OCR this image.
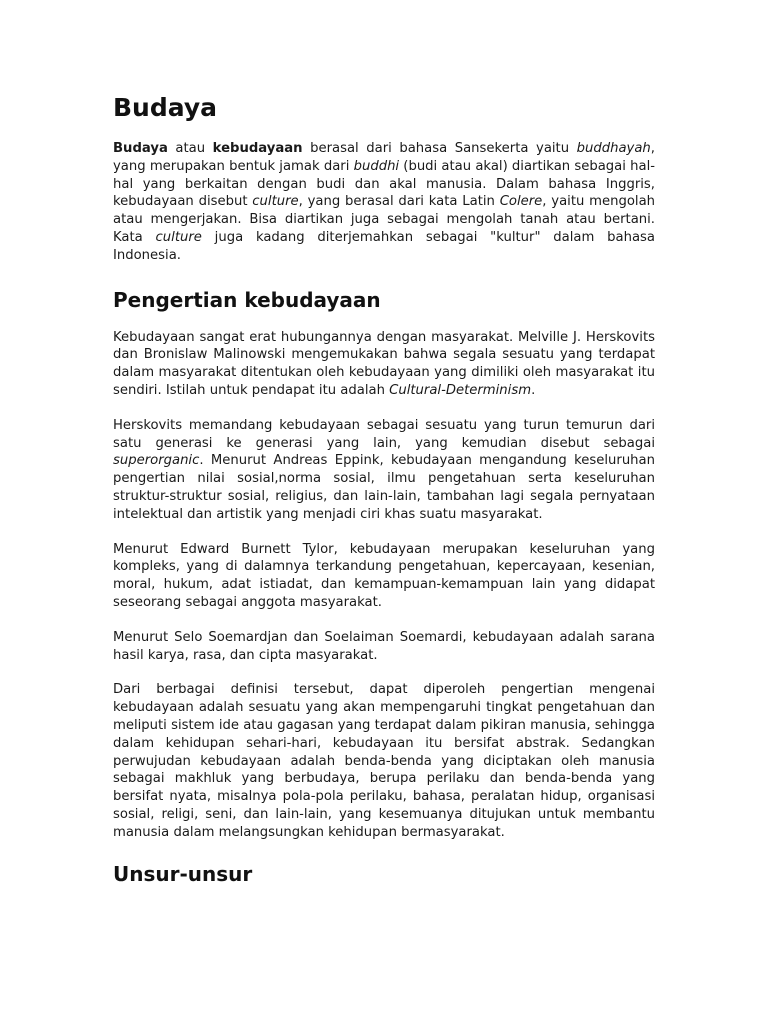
Budaya

Budaya atau kebudayaan berasal dari bahasa Sansekerta yaitu buddhayah, yang merupakan bentuk jamak dari buddhi (budi atau akal) diartikan sebagai hal-hal yang berkaitan dengan budi dan akal manusia. Dalam bahasa Inggris, kebudayaan disebut culture, yang berasal dari kata Latin Colere, yaitu mengolah atau mengerjakan. Bisa diartikan juga sebagai mengolah tanah atau bertani. Kata culture juga kadang diterjemahkan sebagai "kultur" dalam bahasa Indonesia.

Pengertian kebudayaan

Kebudayaan sangat erat hubungannya dengan masyarakat. Melville J. Herskovits dan Bronislaw Malinowski mengemukakan bahwa segala sesuatu yang terdapat dalam masyarakat ditentukan oleh kebudayaan yang dimiliki oleh masyarakat itu sendiri. Istilah untuk pendapat itu adalah Cultural-Determinism.

Herskovits memandang kebudayaan sebagai sesuatu yang turun temurun dari satu generasi ke generasi yang lain, yang kemudian disebut sebagai superorganic. Menurut Andreas Eppink, kebudayaan mengandung keseluruhan pengertian nilai sosial,norma sosial, ilmu pengetahuan serta keseluruhan struktur-struktur sosial, religius, dan lain-lain, tambahan lagi segala pernyataan intelektual dan artistik yang menjadi ciri khas suatu masyarakat.

Menurut Edward Burnett Tylor, kebudayaan merupakan keseluruhan yang kompleks, yang di dalamnya terkandung pengetahuan, kepercayaan, kesenian, moral, hukum, adat istiadat, dan kemampuan-kemampuan lain yang didapat seseorang sebagai anggota masyarakat.

Menurut Selo Soemardjan dan Soelaiman Soemardi, kebudayaan adalah sarana hasil karya, rasa, dan cipta masyarakat.

Dari berbagai definisi tersebut, dapat diperoleh pengertian mengenai kebudayaan adalah sesuatu yang akan mempengaruhi tingkat pengetahuan dan meliputi sistem ide atau gagasan yang terdapat dalam pikiran manusia, sehingga dalam kehidupan sehari-hari, kebudayaan itu bersifat abstrak. Sedangkan perwujudan kebudayaan adalah benda-benda yang diciptakan oleh manusia sebagai makhluk yang berbudaya, berupa perilaku dan benda-benda yang bersifat nyata, misalnya pola-pola perilaku, bahasa, peralatan hidup, organisasi sosial, religi, seni, dan lain-lain, yang kesemuanya ditujukan untuk membantu manusia dalam melangsungkan kehidupan bermasyarakat.

Unsur-unsur
